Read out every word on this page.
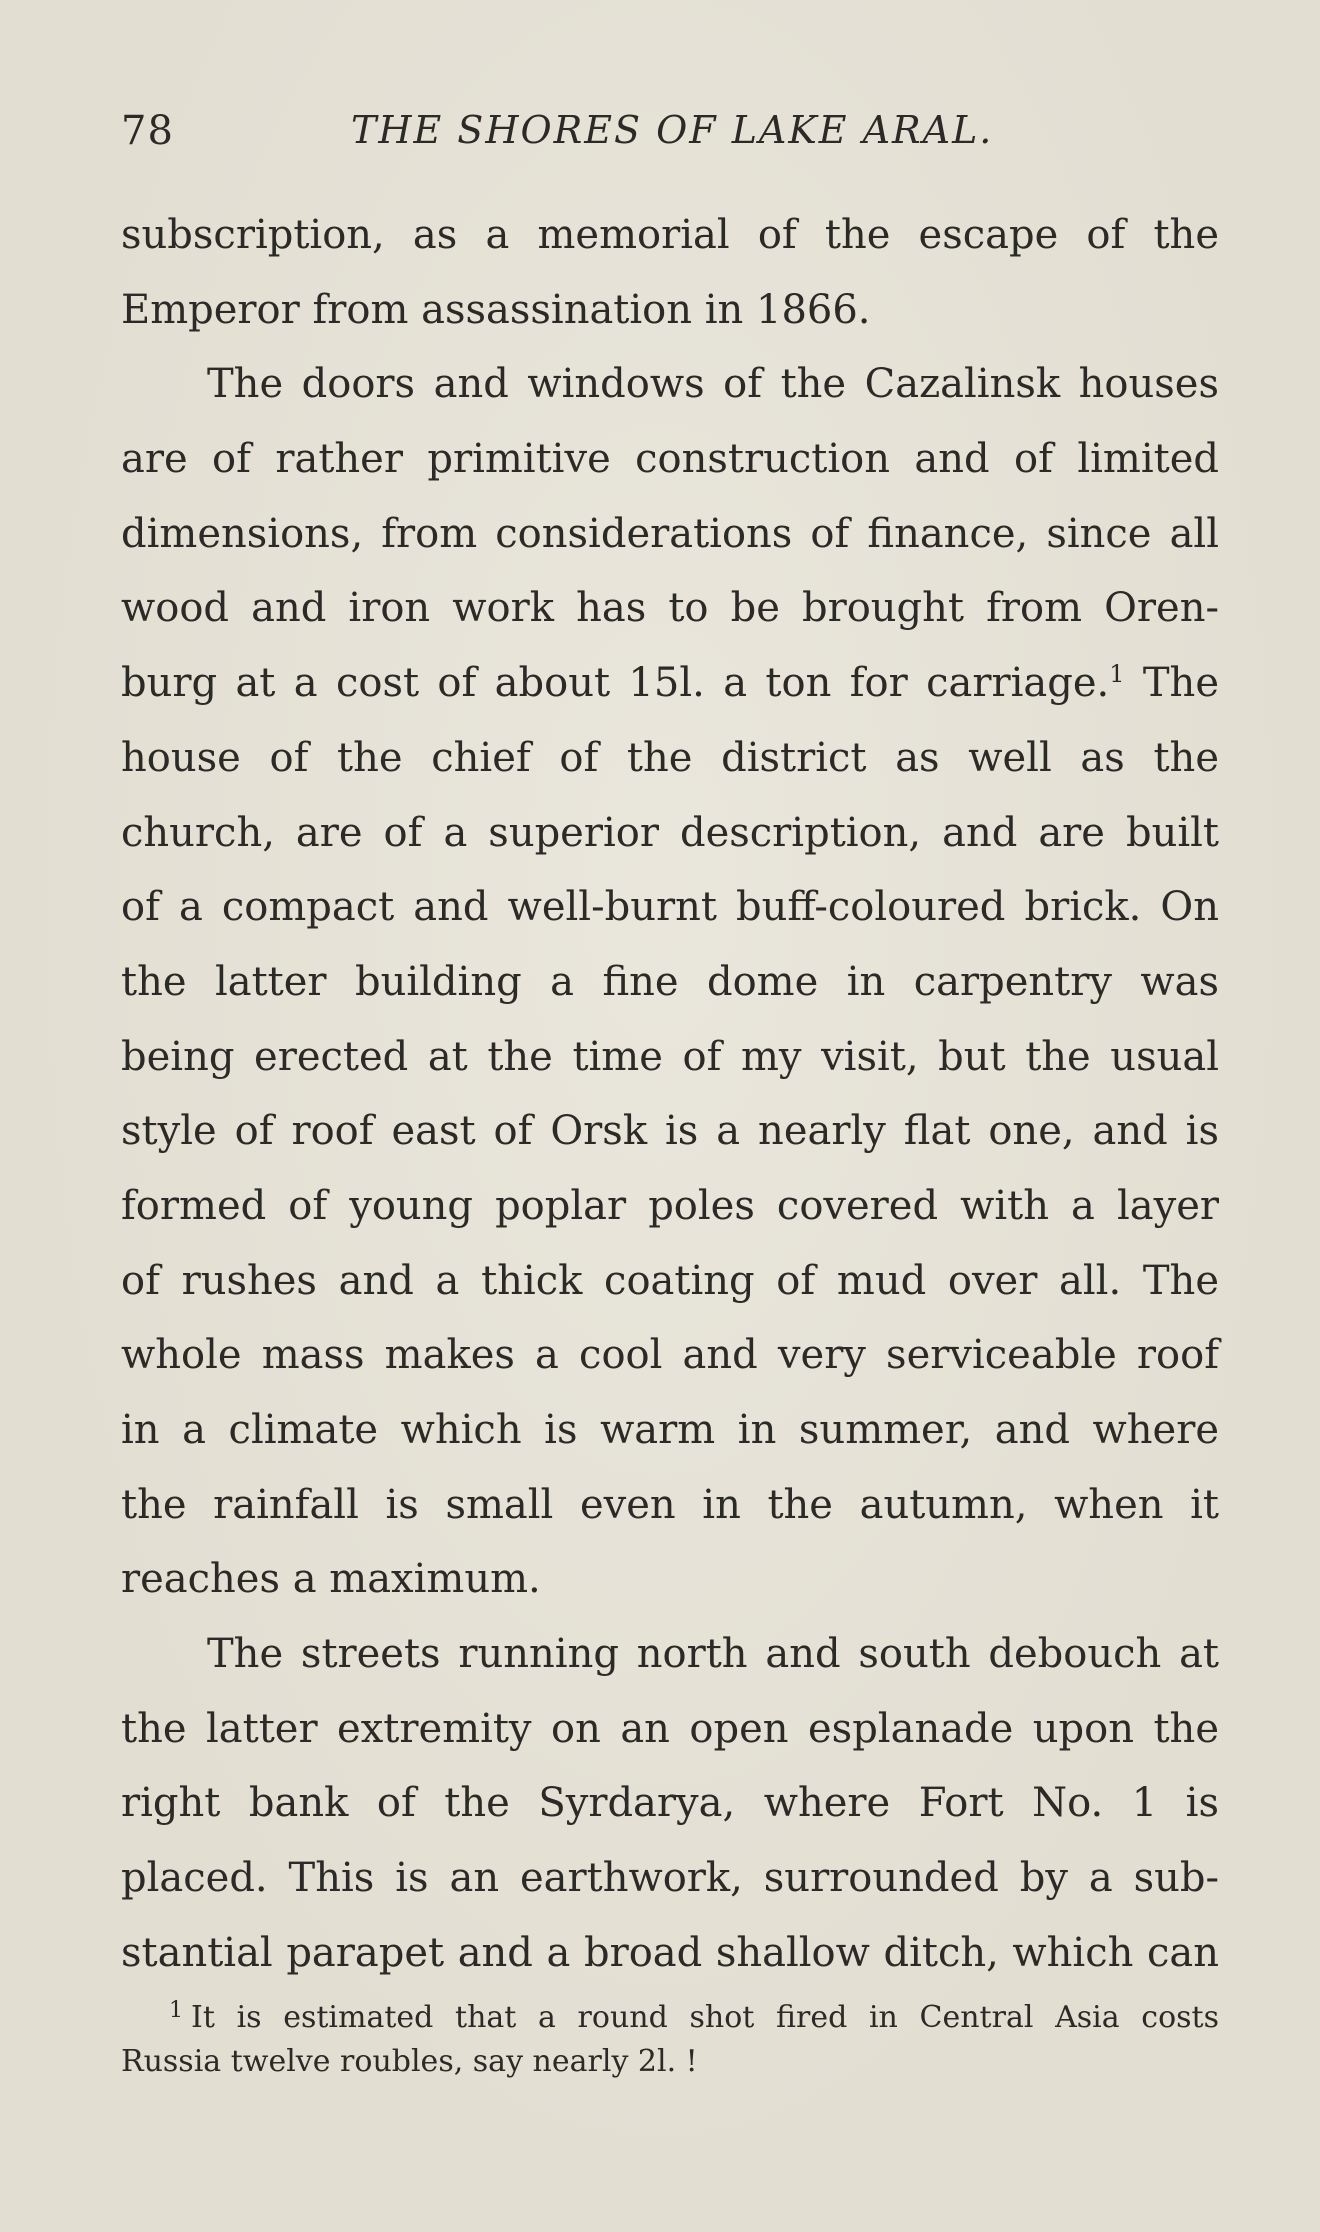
78	THE SHORES OF LAKE ARAL.
subscription, as a memorial of the escape of the
Emperor from assassination in 1866.
The doors and windows of the Cazalinsk houses
are of rather primitive construction and of limited
dimensions, from considerations of finance, since all
wood and iron work has to be brought from Oren-
burg at a cost of about 15l. a ton for carriage.$^1$ The
house of the chief of the district as well as the
church, are of a superior description, and are built
of a compact and well-burnt buff-coloured brick. On
the latter building a fine dome in carpentry was
being erected at the time of my visit, but the usual
style of roof east of Orsk is a nearly flat one, and is
formed of young poplar poles covered with a layer
of rushes and a thick coating of mud over all. The
whole mass makes a cool and very serviceable roof
in a climate which is warm in summer, and where
the rainfall is small even in the autumn, when it
reaches a maximum.
The streets running north and south debouch at
the latter extremity on an open esplanade upon the
right bank of the Syrdarya, where Fort No. 1 is
placed. This is an earthwork, surrounded by a sub-
stantial parapet and a broad shallow ditch, which can
$^1$ It is estimated that a round shot fired in Central Asia costs
Russia twelve roubles, say nearly 2l. !
